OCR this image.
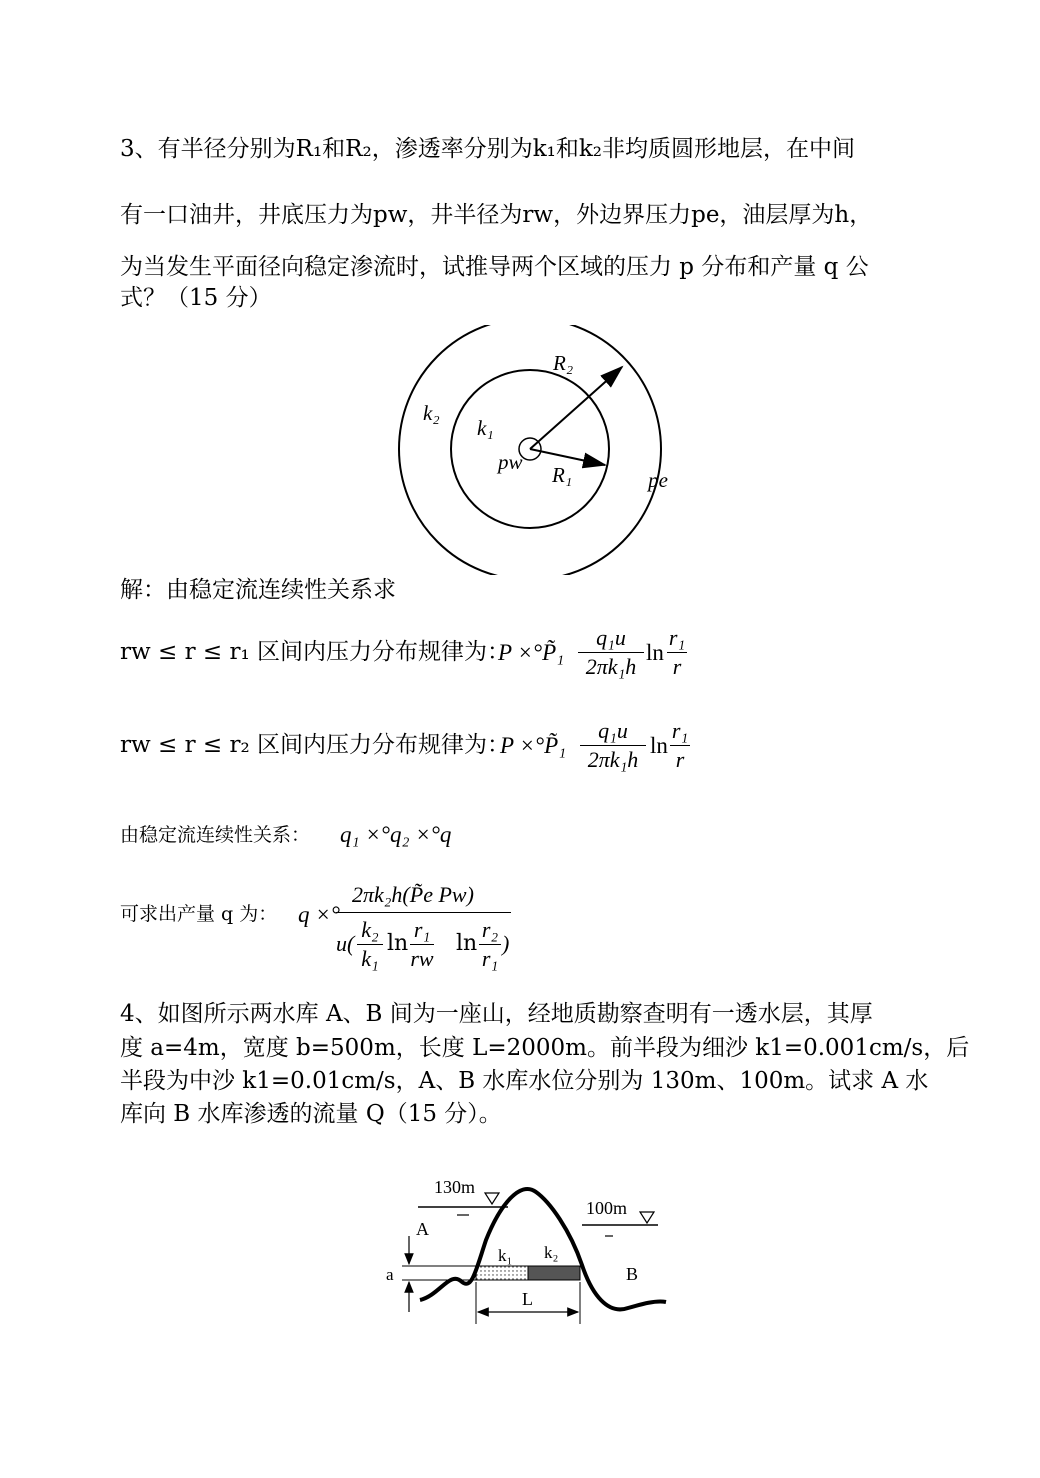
3、有半径分别为R₁和R₂，渗透率分别为k₁和k₂非均质圆形地层，在中间
有一口油井，井底压力为pw，井半径为rw，外边界压力pe，油层厚为h，
为当发生平面径向稳定渗流时，试推导两个区域的压力 p 分布和产量 q 公
式？（15 分）
k₂
k₁
R₂
R₁
pw
pe
解：由稳定流连续性关系求
rw ≤ r ≤ r₁ 区间内压力分布规律为：
P ×°P̃₁
q₁u
2πk₁h
ln
r₁
r
rw ≤ r ≤ r₂ 区间内压力分布规律为：
P ×°P̃₁
q₁u
2πk₁h
ln
r₁
r
由稳定流连续性关系： q₁ ×°q₂ ×°q
可求出产量 q 为： q ×°
2πk₂h(P̃e Pw)
u(
k₂
k₁
ln
r₁
rw
ln
r₂
r₁
)
4、如图所示两水库 A、B 间为一座山，经地质勘察查明有一透水层，其厚
度 a=4m，宽度 b=500m，长度 L=2000m。前半段为细沙 k1=0.001cm/s，后
半段为中沙 k1=0.01cm/s，A、B 水库水位分别为 130m、100m。试求 A 水
库向 B 水库渗透的流量 Q（15 分）。
130m
100m
A
B
k₁ k₂
a
L
